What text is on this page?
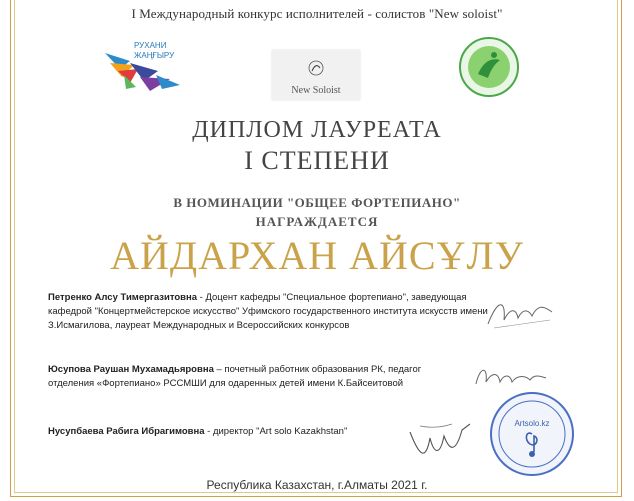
I Международный конкурс исполнителей - солистов "New soloist"
РУХАНИ
ЖАҢҒЫРУ
New Soloist
ДИПЛОМ ЛАУРЕАТА
I СТЕПЕНИ
В НОМИНАЦИИ "ОБЩЕЕ ФОРТЕПИАНО"
НАГРАЖДАЕТСЯ
АЙДАРХАН АЙСҰЛУ
Петренко Алсу Тимергазитовна - Доцент кафедры "Специальное фортепиано", заведующая кафедрой "Концертмейстерское искусство" Уфимского государственного института искусств имени З.Исмагилова, лауреат Международных и Всероссийских конкурсов
Юсупова Раушан Мухамадьяровна – почетный работник образования РК, педагог отделения «Фортепиано» РССМШИ для одаренных детей имени К.Байсеитовой
Нусупбаева Рабига Ибрагимовна - директор "Art solo Kazakhstan"
Artsolo.kz
Республика Казахстан, г.Алматы 2021 г.
